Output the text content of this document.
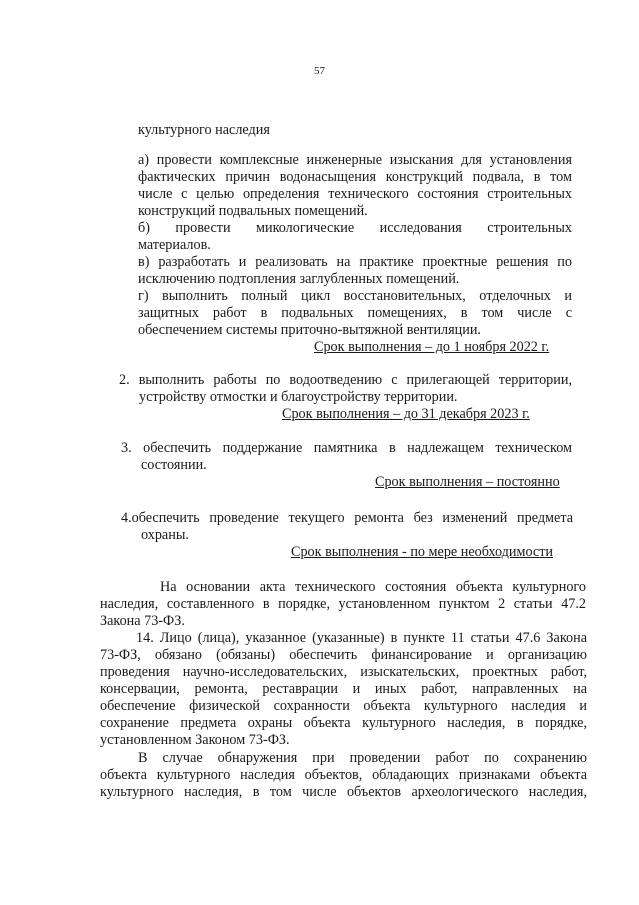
57
культурного наследия
а) провести комплексные инженерные изыскания для установления
фактических причин водонасыщения конструкций подвала, в том
числе с целью определения технического состояния строительных
конструкций подвальных помещений.
б) провести микологические исследования строительных
материалов.
в) разработать и реализовать на практике проектные решения по
исключению подтопления заглубленных помещений.
г) выполнить полный цикл восстановительных, отделочных и
защитных работ в подвальных помещениях, в том числе с
обеспечением системы приточно-вытяжной вентиляции.
Срок выполнения – до 1 ноября 2022 г.
2. выполнить работы по водоотведению с прилегающей территории,
устройству отмостки и благоустройству территории.
Срок выполнения – до 31 декабря 2023 г.
3. обеспечить поддержание памятника в надлежащем техническом
состоянии.
Срок выполнения – постоянно
4.обеспечить проведение текущего ремонта без изменений предмета
охраны.
Срок выполнения - по мере необходимости
На основании акта технического состояния объекта культурного
наследия, составленного в порядке, установленном пунктом 2 статьи 47.2
Закона 73-ФЗ.
14. Лицо (лица), указанное (указанные) в пункте 11 статьи 47.6 Закона
73-ФЗ, обязано (обязаны) обеспечить финансирование и организацию
проведения научно-исследовательских, изыскательских, проектных работ,
консервации, ремонта, реставрации и иных работ, направленных на
обеспечение физической сохранности объекта культурного наследия и
сохранение предмета охраны объекта культурного наследия, в порядке,
установленном Законом 73-ФЗ.
В случае обнаружения при проведении работ по сохранению
объекта культурного наследия объектов, обладающих признаками объекта
культурного наследия, в том числе объектов археологического наследия,
